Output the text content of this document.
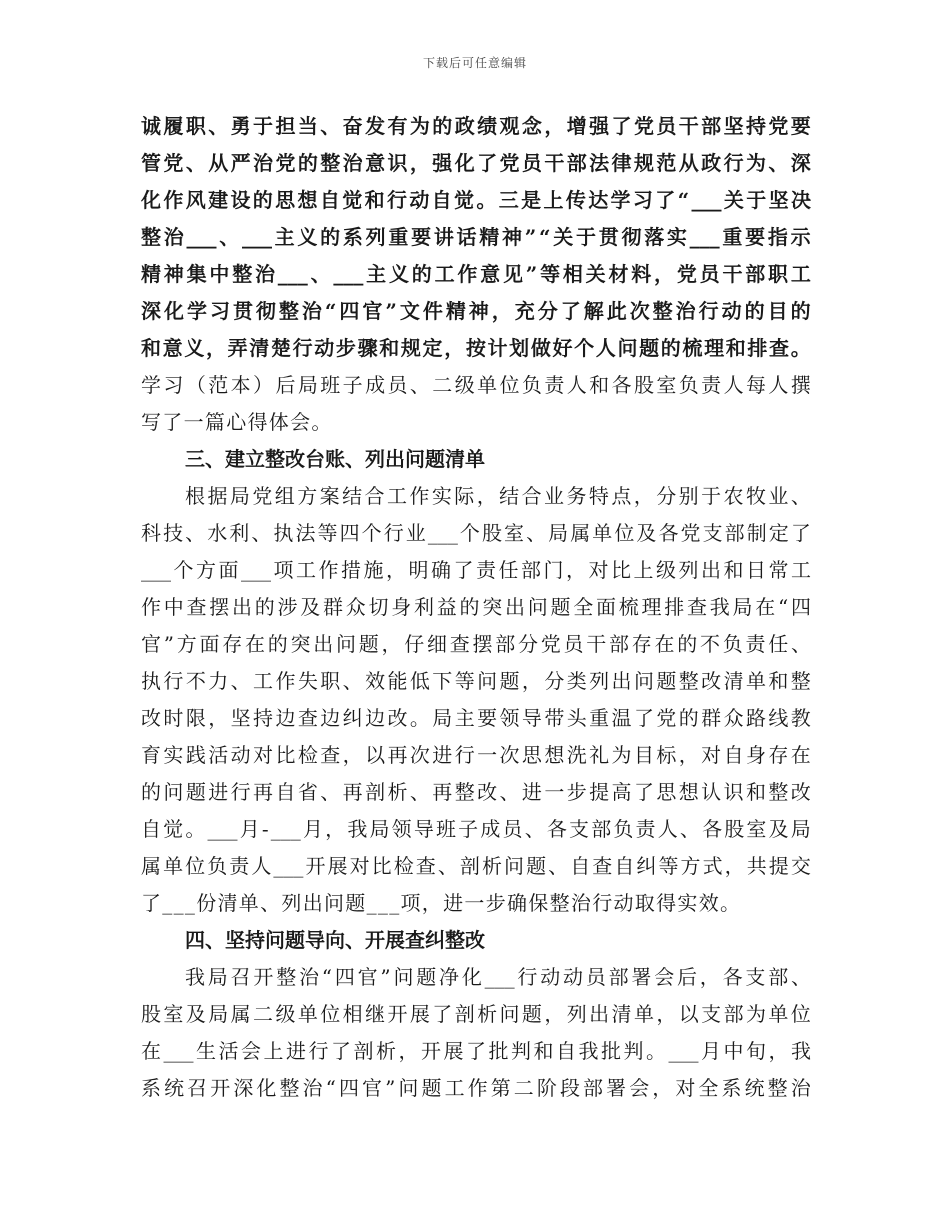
下载后可任意编辑
诚 履 职 、 勇 于 担 当 、 奋 发 有 为 的 政 绩 观 念 ， 增 强 了 党 员 干 部 坚 持 党 要
管 党 、 从 严 治 党 的 整 治 意 识 ， 强 化 了 党 员 干 部 法 律 规 范 从 政 行 为 、 深
化 作 风 建 设 的 思 想 自 觉 和 行 动 自 觉 。 三 是 上 传 达 学 习 了 “ ___ 关 于 坚 决
整 治 ___ 、 ___ 主 义 的 系 列 重 要 讲 话 精 神 ” “ 关 于 贯 彻 落 实 ___ 重 要 指 示
精 神 集 中 整 治 ___ 、 ___ 主 义 的 工 作 意 见 ” 等 相 关 材 料 ， 党 员 干 部 职 工
深 化 学 习 贯 彻 整 治 “ 四 官 ” 文 件 精 神 ， 充 分 了 解 此 次 整 治 行 动 的 目 的
和 意 义 ， 弄 清 楚 行 动 步 骤 和 规 定 ， 按 计 划 做 好 个 人 问 题 的 梳 理 和 排 查 。
学 习 （ 范 本 ） 后 局 班 子 成 员 、 二 级 单 位 负 责 人 和 各 股 室 负 责 人 每 人 撰
写了一篇心得体会。
三、建立整改台账、列出问题清单
根 据 局 党 组 方 案 结 合 工 作 实 际 ， 结 合 业 务 特 点 ， 分 别 于 农 牧 业 、
科 技 、 水 利 、 执 法 等 四 个 行 业 ___ 个 股 室 、 局 属 单 位 及 各 党 支 部 制 定 了
___ 个 方 面 ___ 项 工 作 措 施 ， 明 确 了 责 任 部 门 ， 对 比 上 级 列 出 和 日 常 工
作 中 查 摆 出 的 涉 及 群 众 切 身 利 益 的 突 出 问 题 全 面 梳 理 排 查 我 局 在 “ 四
官 ” 方 面 存 在 的 突 出 问 题 ， 仔 细 查 摆 部 分 党 员 干 部 存 在 的 不 负 责 任 、
执 行 不 力 、 工 作 失 职 、 效 能 低 下 等 问 题 ， 分 类 列 出 问 题 整 改 清 单 和 整
改 时 限 ， 坚 持 边 查 边 纠 边 改 。 局 主 要 领 导 带 头 重 温 了 党 的 群 众 路 线 教
育 实 践 活 动 对 比 检 查 ， 以 再 次 进 行 一 次 思 想 洗 礼 为 目 标 ， 对 自 身 存 在
的 问 题 进 行 再 自 省 、 再 剖 析 、 再 整 改 、 进 一 步 提 高 了 思 想 认 识 和 整 改
自 觉 。 ___ 月 - ___ 月 ， 我 局 领 导 班 子 成 员 、 各 支 部 负 责 人 、 各 股 室 及 局
属 单 位 负 责 人 ___ 开 展 对 比 检 查 、 剖 析 问 题 、 自 查 自 纠 等 方 式 ， 共 提 交
了___份清单、列出问题___项，进一步确保整治行动取得实效。
四、坚持问题导向、开展查纠整改
我 局 召 开 整 治 “ 四 官 ” 问 题 净 化 ___ 行 动 动 员 部 署 会 后 ， 各 支 部 、
股 室 及 局 属 二 级 单 位 相 继 开 展 了 剖 析 问 题 ， 列 出 清 单 ， 以 支 部 为 单 位
在 ___ 生 活 会 上 进 行 了 剖 析 ， 开 展 了 批 判 和 自 我 批 判 。 ___ 月 中 旬 ， 我
系 统 召 开 深 化 整 治 “ 四 官 ” 问 题 工 作 第 二 阶 段 部 署 会 ， 对 全 系 统 整 治
